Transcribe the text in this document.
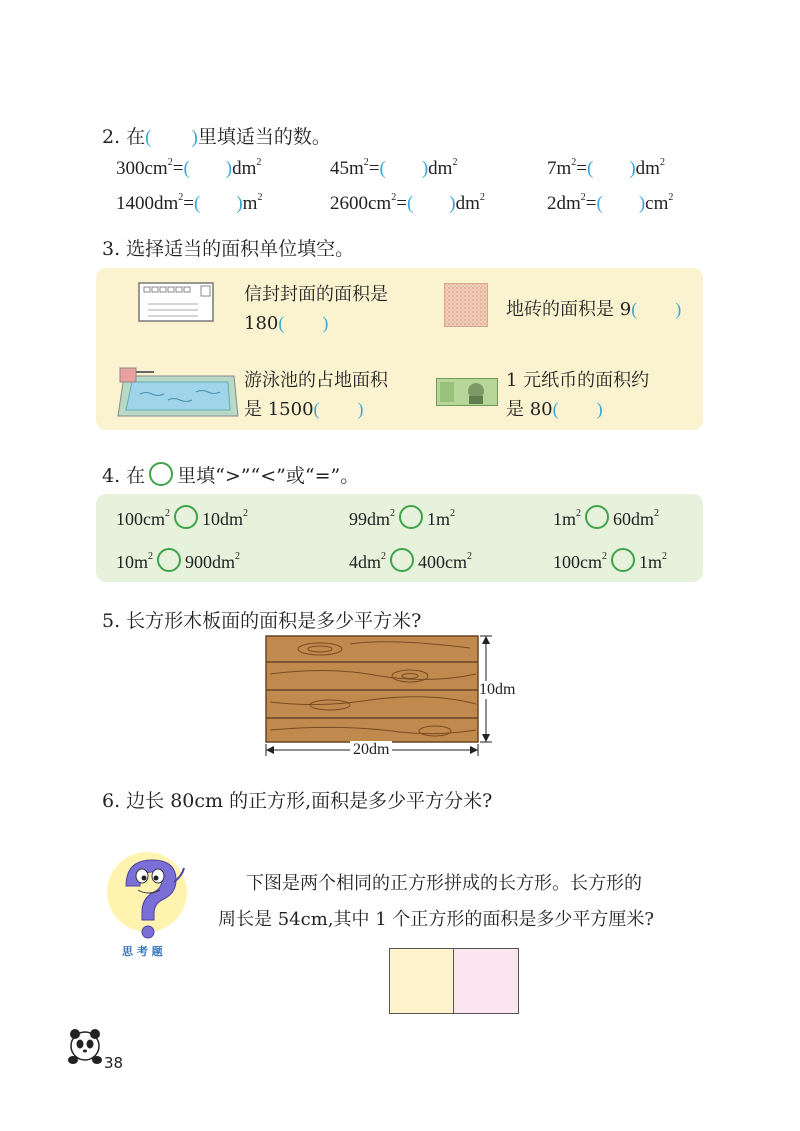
2. 在( )里填适当的数。
$300cm^2=$( )$dm^2$	$45m^2=$( )$dm^2$	$7m^2=$( )$dm^2$
$1400dm^2=$( )$m^2$	$2600cm^2=$( )$dm^2$	$2dm^2=$( )$cm^2$
3. 选择适当的面积单位填空。
信封封面的面积是
180( )
地砖的面积是 9( )
游泳池的占地面积
是 1500( )
1 元纸币的面积约
是 80( )
4. 在 里填“>”“<”或“=”。
$100cm^2$ $10dm^2$	$99dm^2$ $1m^2$	$1m^2$ $60dm^2$
$10m^2$ $900dm^2$	$4dm^2$ $400cm^2$	$100cm^2$ $1m^2$
5. 长方形木板面的面积是多少平方米?
10dm
20dm
6. 边长 80cm 的正方形,面积是多少平方分米?
思 考 题
下图是两个相同的正方形拼成的长方形。长方形的
周长是 54cm,其中 1 个正方形的面积是多少平方厘米?
38
